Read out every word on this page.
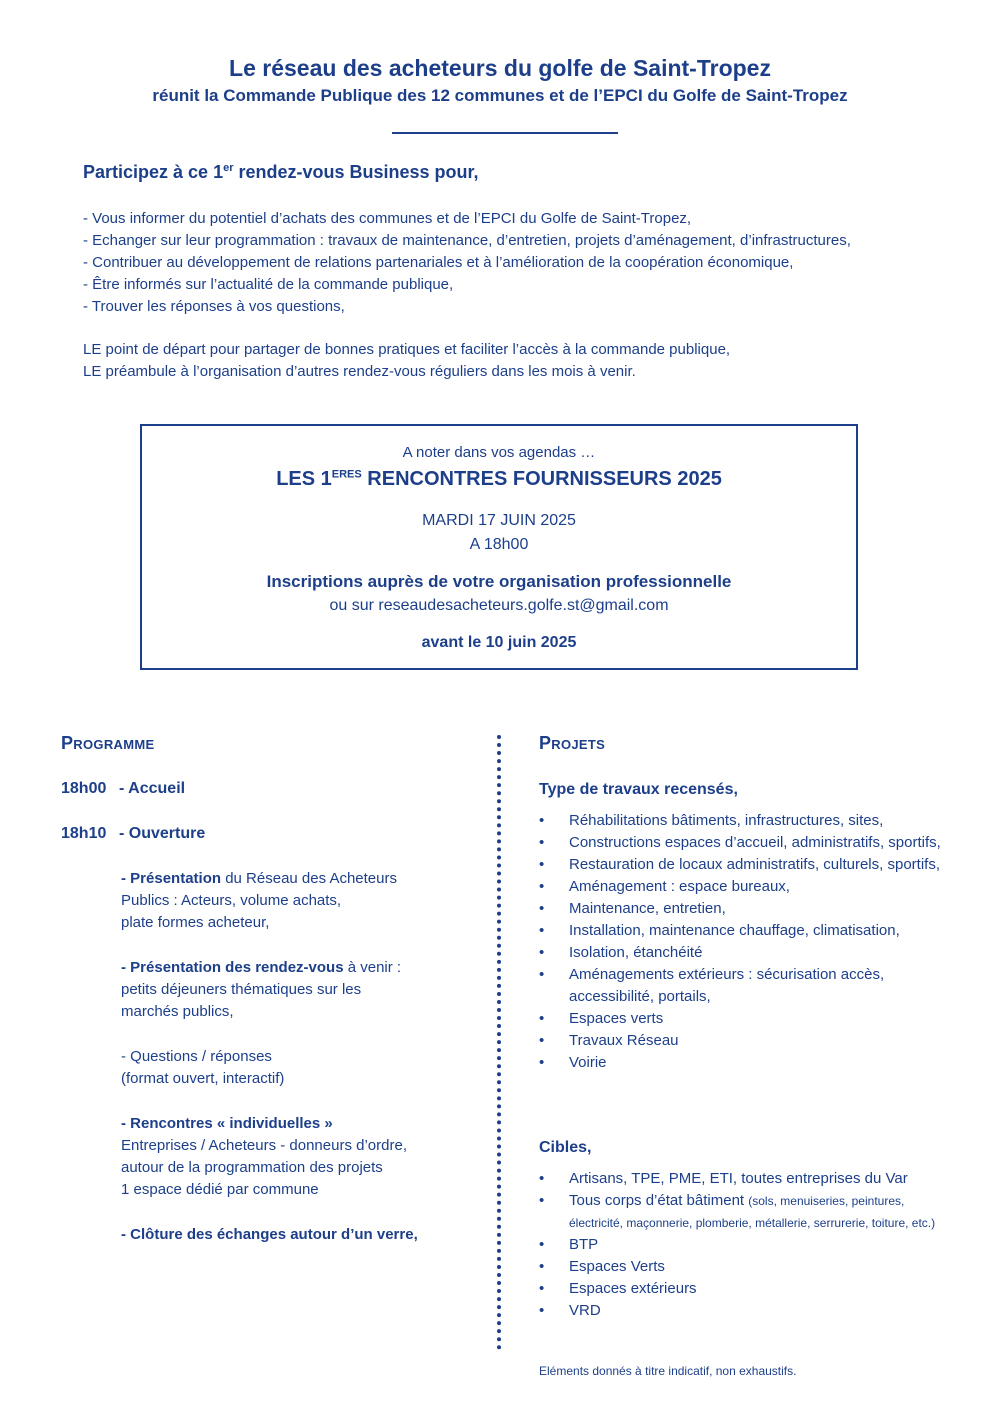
Le réseau des acheteurs du golfe de Saint-Tropez
réunit la Commande Publique des 12 communes et de l’EPCI du Golfe de Saint-Tropez
Participez à ce 1er rendez-vous Business pour,
- Vous informer du potentiel d’achats des communes et de l’EPCI du Golfe de Saint-Tropez,
- Echanger sur leur programmation : travaux de maintenance, d’entretien, projets d’aménagement, d’infrastructures,
- Contribuer au développement de relations partenariales et à l’amélioration de la coopération économique,
- Être informés sur l’actualité de la commande publique,
- Trouver les réponses à vos questions,
LE point de départ pour partager de bonnes pratiques et faciliter l’accès à la commande publique,
LE préambule à l’organisation d’autres rendez-vous réguliers dans les mois à venir.
A noter dans vos agendas …
LES $1^{ERES}$ RENCONTRES FOURNISSEURS 2025
MARDI 17 JUIN 2025
A 18h00
Inscriptions auprès de votre organisation professionnelle
ou sur reseaudesacheteurs.golfe.st@gmail.com
avant le 10 juin 2025
Programme
18h00 - Accueil
18h10 - Ouverture
- Présentation du Réseau des Acheteurs
Publics : Acteurs, volume achats,
plate formes acheteur,
- Présentation des rendez-vous à venir :
petits déjeuners thématiques sur les
marchés publics,
- Questions / réponses
(format ouvert, interactif)
- Rencontres « individuelles »
Entreprises / Acheteurs - donneurs d’ordre,
autour de la programmation des projets
1 espace dédié par commune
- Clôture des échanges autour d’un verre,
Projets
Type de travaux recensés,
• Réhabilitations bâtiments, infrastructures, sites,
• Constructions espaces d’accueil, administratifs, sportifs,
• Restauration de locaux administratifs, culturels, sportifs,
• Aménagement : espace bureaux,
• Maintenance, entretien,
• Installation, maintenance chauffage, climatisation,
• Isolation, étanchéité
• Aménagements extérieurs : sécurisation accès, accessibilité, portails,
• Espaces verts
• Travaux Réseau
• Voirie
Cibles,
• Artisans, TPE, PME, ETI, toutes entreprises du Var
• Tous corps d’état bâtiment (sols, menuiseries, peintures, électricité, maçonnerie, plomberie, métallerie, serrurerie, toiture, etc.)
• BTP
• Espaces Verts
• Espaces extérieurs
• VRD
Eléments donnés à titre indicatif, non exhaustifs.
